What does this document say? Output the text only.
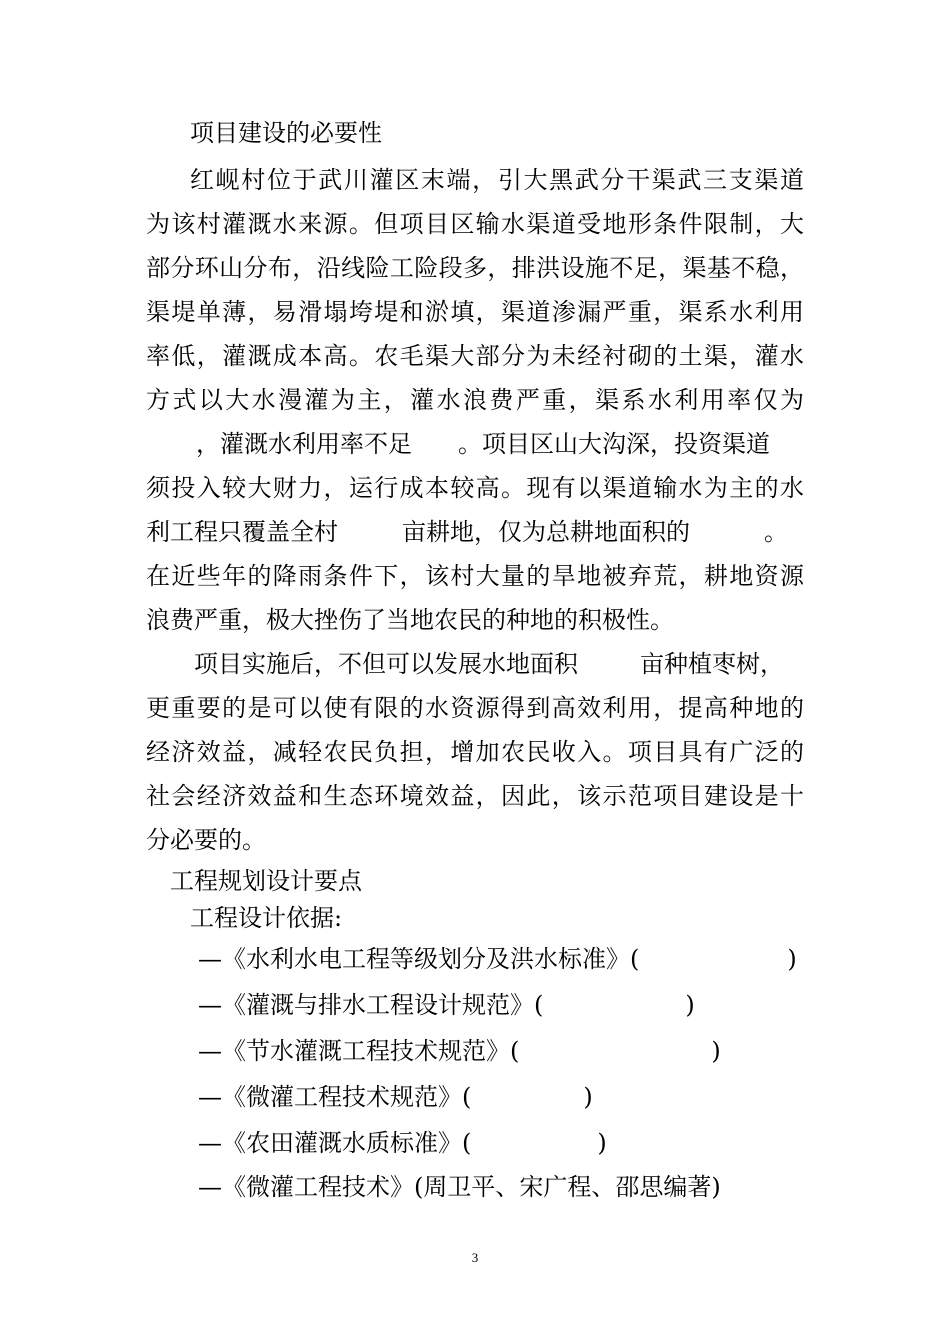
项目建设的必要性
红岘村位于武川灌区末端，引大黑武分干渠武三支渠道
为该村灌溉水来源。但项目区输水渠道受地形条件限制，大
部分环山分布，沿线险工险段多，排洪设施不足，渠基不稳，
渠堤单薄，易滑塌垮堤和淤填，渠道渗漏严重，渠系水利用
率低，灌溉成本高。农毛渠大部分为未经衬砌的土渠，灌水
方式以大水漫灌为主，灌水浪费严重，渠系水利用率仅为
，灌溉水利用率不足 。项目区山大沟深，投资渠道
须投入较大财力，运行成本较高。现有以渠道输水为主的水
利工程只覆盖全村	亩耕地，仅为总耕地面积的	。
在近些年的降雨条件下，该村大量的旱地被弃荒，耕地资源
浪费严重，极大挫伤了当地农民的种地的积极性。
项目实施后，不但可以发展水地面积	亩种植枣树，
更重要的是可以使有限的水资源得到高效利用，提高种地的
经济效益，减轻农民负担，增加农民收入。项目具有广泛的
社会经济效益和生态环境效益，因此，该示范项目建设是十
分必要的。
工程规划设计要点
工程设计依据:
—《水利水电工程等级划分及洪水标准》(	)
—《灌溉与排水工程设计规范》(	)
—《节水灌溉工程技术规范》(	)
—《微灌工程技术规范》(	)
—《农田灌溉水质标准》(	)
—《微灌工程技术》(周卫平、宋广程、邵思编著)
3
